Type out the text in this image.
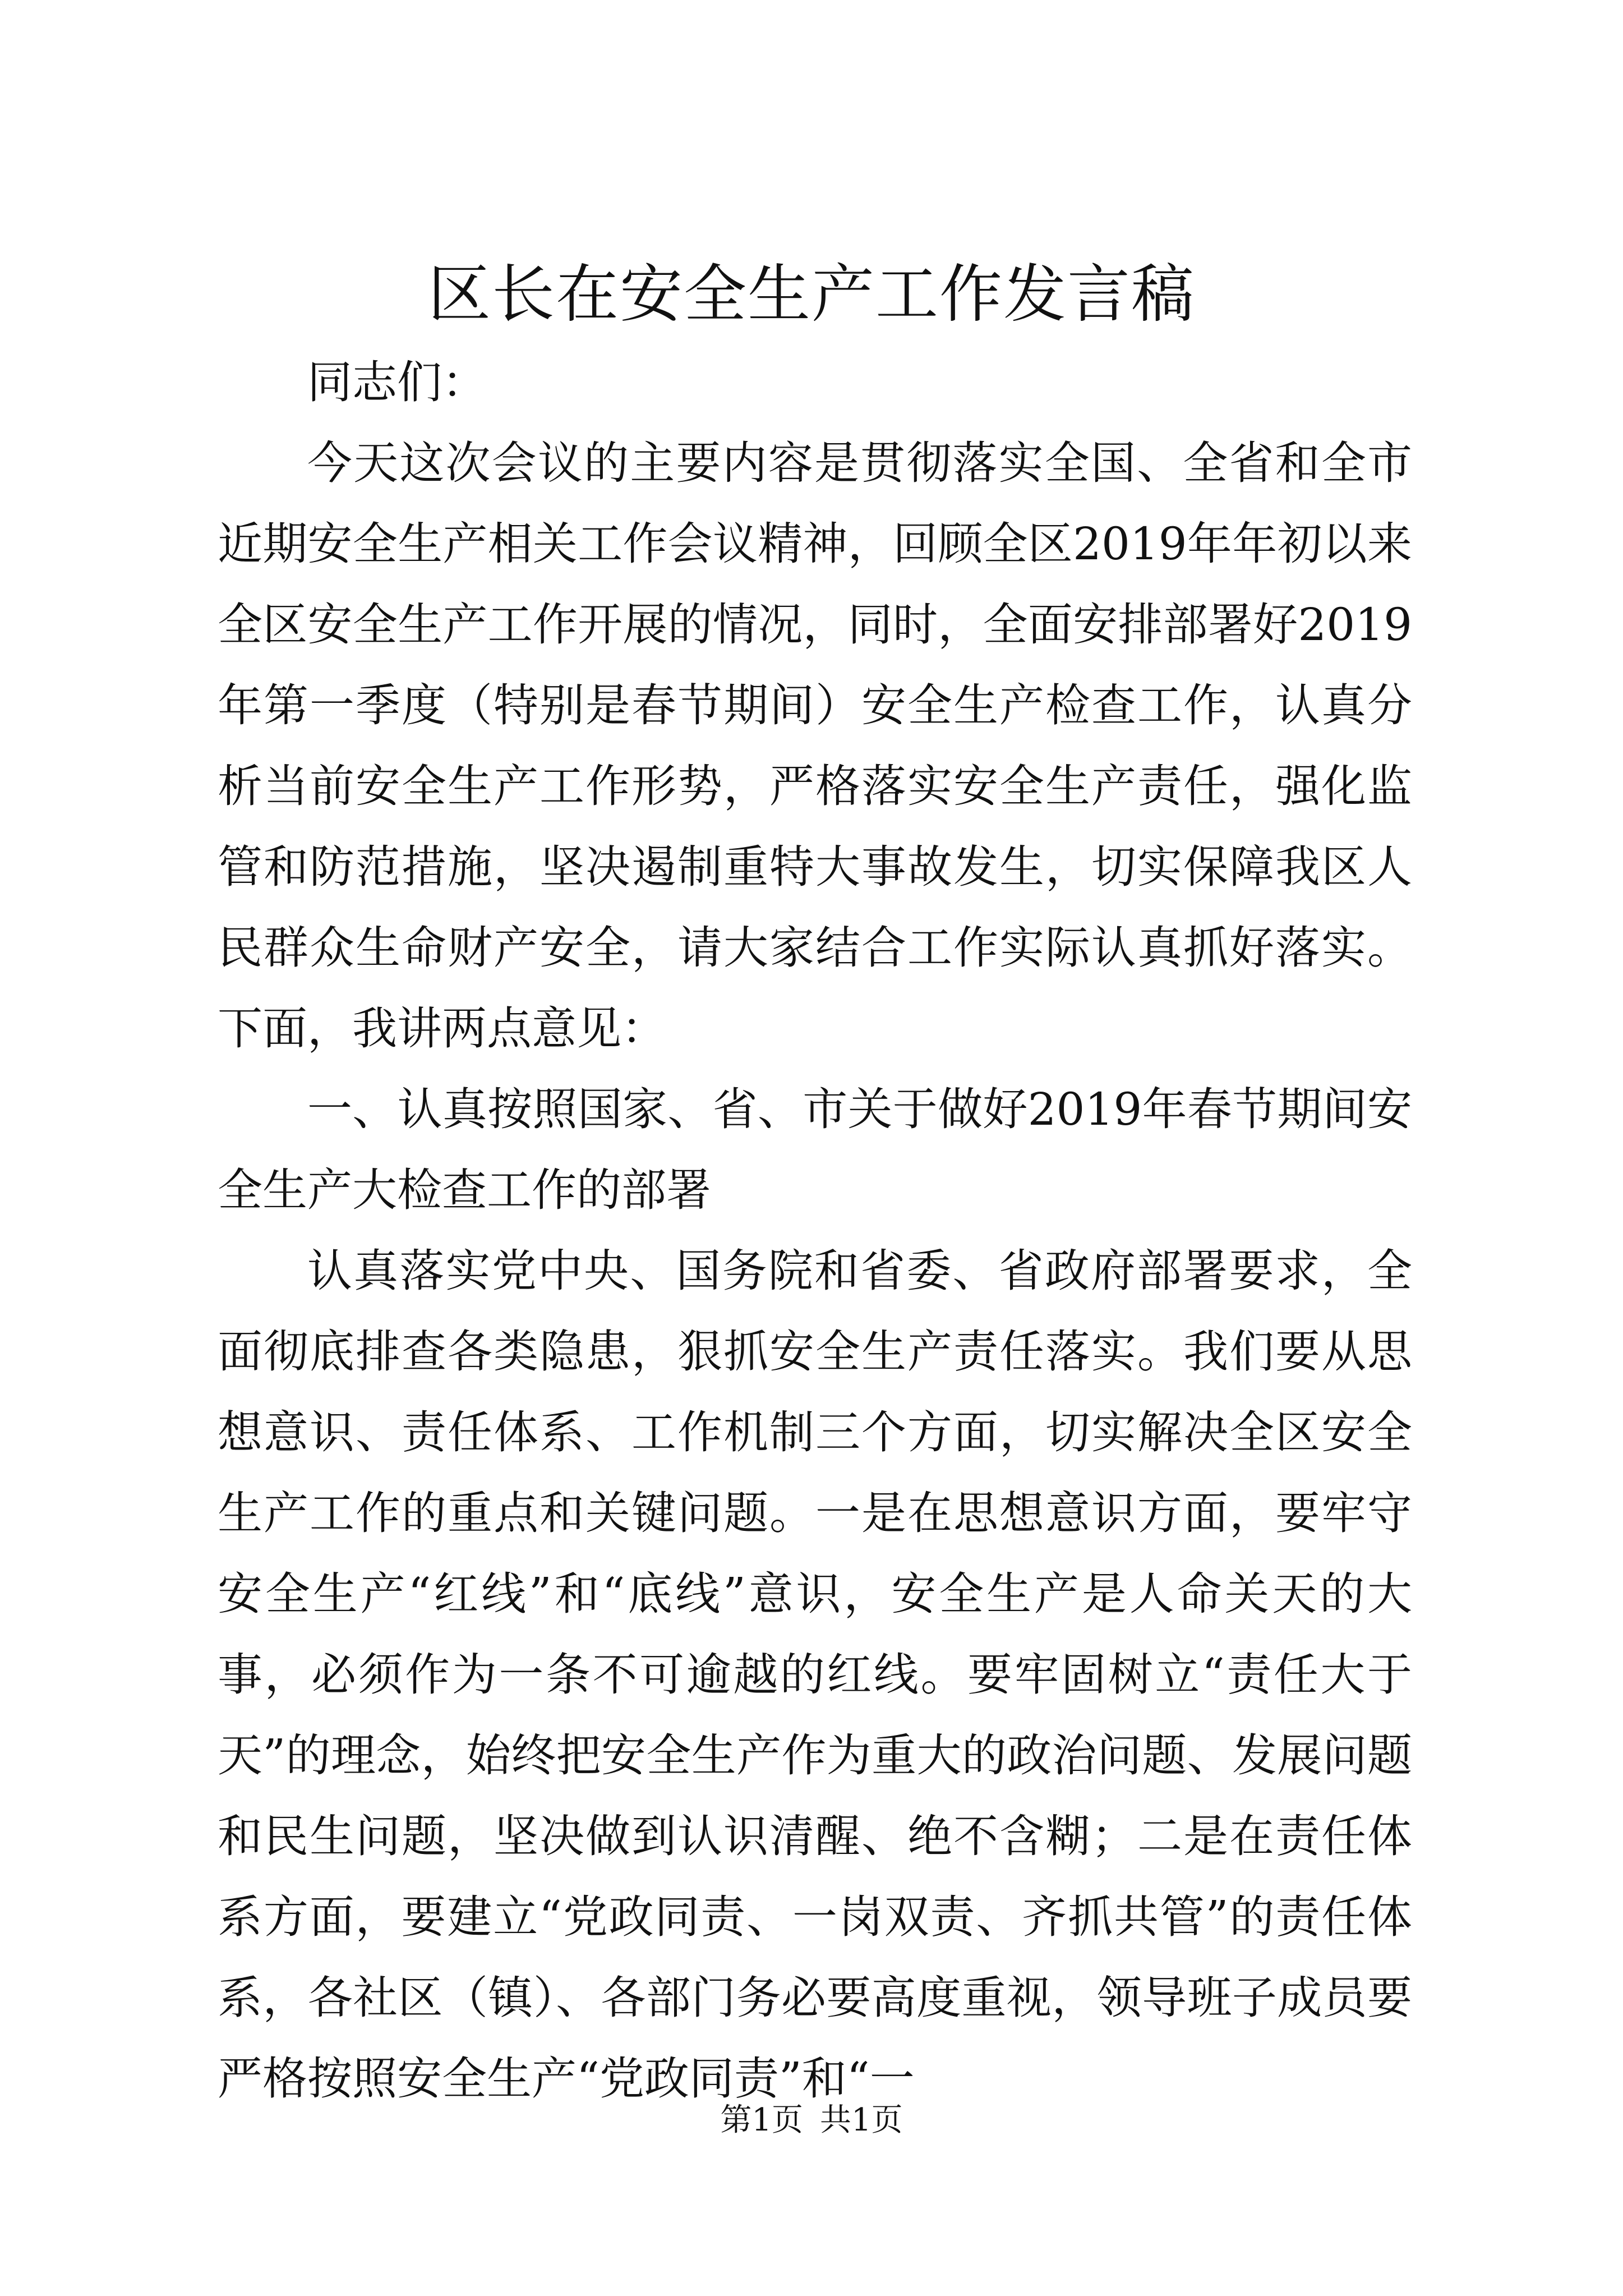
区长在安全生产工作发言稿

同志们：

今天这次会议的主要内容是贯彻落实全国、全省和全市近期安全生产相关工作会议精神，回顾全区2019年年初以来全区安全生产工作开展的情况，同时，全面安排部署好2019年第一季度（特别是春节期间）安全生产检查工作，认真分析当前安全生产工作形势，严格落实安全生产责任，强化监管和防范措施，坚决遏制重特大事故发生，切实保障我区人民群众生命财产安全，请大家结合工作实际认真抓好落实。下面，我讲两点意见：

一、认真按照国家、省、市关于做好2019年春节期间安全生产大检查工作的部署

认真落实党中央、国务院和省委、省政府部署要求，全面彻底排查各类隐患，狠抓安全生产责任落实。我们要从思想意识、责任体系、工作机制三个方面，切实解决全区安全生产工作的重点和关键问题。一是在思想意识方面，要牢守安全生产“红线”和“底线”意识，安全生产是人命关天的大事，必须作为一条不可逾越的红线。要牢固树立“责任大于天”的理念，始终把安全生产作为重大的政治问题、发展问题和民生问题，坚决做到认识清醒、绝不含糊；二是在责任体系方面，要建立“党政同责、一岗双责、齐抓共管”的责任体系，各社区（镇）、各部门务必要高度重视，领导班子成员要严格按照安全生产“党政同责”和“一

第1页 共1页
